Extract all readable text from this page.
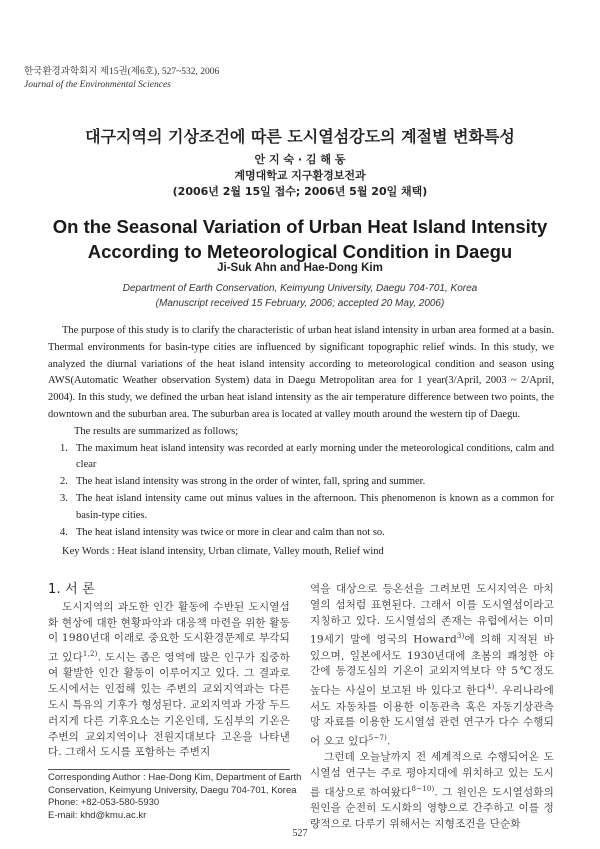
한국환경과학회지 제15권(제6호), 527~532, 2006
Journal of the Environmental Sciences
대구지역의 기상조건에 따른 도시열섬강도의 계절별 변화특성
안 지 숙 · 김 해 동
계명대학교 지구환경보전과
(2006년 2월 15일 접수; 2006년 5월 20일 채택)
On the Seasonal Variation of Urban Heat Island Intensity
According to Meteorological Condition in Daegu
Ji-Suk Ahn and Hae-Dong Kim
Department of Earth Conservation, Keimyung University, Daegu 704-701, Korea
(Manuscript received 15 February, 2006; accepted 20 May, 2006)

The purpose of this study is to clarify the characteristic of urban heat island intensity in urban area formed at a basin. Thermal environments for basin-type cities are influenced by significant topographic relief winds. In this study, we analyzed the diurnal variations of the heat island intensity according to meteorological condition and season using AWS(Automatic Weather observation System) data in Daegu Metropolitan area for 1 year(3/April, 2003 ~ 2/April, 2004). In this study, we defined the urban heat island intensity as the air temperature difference between two points, the downtown and the suburban area. The suburban area is located at valley mouth around the western tip of Daegu.

The results are summarized as follows;

1. The maximum heat island intensity was recorded at early morning under the meteorological conditions, calm and clear
2. The heat island intensity was strong in the order of winter, fall, spring and summer.
3. The heat island intensity came out minus values in the afternoon. This phenomenon is known as a common for basin-type cities.
4. The heat island intensity was twice or more in clear and calm than not so.
Key Words : Heat island intensity, Urban climate, Valley mouth, Relief wind

1. 서 론

도시지역의 과도한 인간 활동에 수반된 도시열섬화 현상에 대한 현황파악과 대응책 마련을 위한 활동이 1980년대 이래로 중요한 도시환경문제로 부각되고 있다$^{1,2)}$. 도시는 좁은 영역에 많은 인구가 집중하여 활발한 인간 활동이 이루어지고 있다. 그 결과로 도시에서는 인접해 있는 주변의 교외지역과는 다른 도시 특유의 기후가 형성된다. 교외지역과 가장 두드러지게 다른 기후요소는 기온인데, 도심부의 기온은 주변의 교외지역이나 전원지대보다 고온을 나타낸다. 그래서 도시를 포함하는 주변지

역을 대상으로 등온선을 그려보면 도시지역은 마치 열의 섬처럼 표현된다. 그래서 이를 도시열섬이라고 지칭하고 있다. 도시열섬의 존재는 유럽에서는 이미 19세기 말에 영국의 Howard$^{3)}$에 의해 지적된 바 있으며, 일본에서도 1930년대에 초봄의 쾌청한 야간에 동경도심의 기온이 교외지역보다 약 5℃정도 높다는 사실이 보고된 바 있다고 한다$^{4)}$. 우리나라에서도 자동차를 이용한 이동관측 혹은 자동기상관측망 자료를 이용한 도시열섬 관련 연구가 다수 수행되어 오고 있다$^{5\sim 7)}$.

그런데 오늘날까지 전 세계적으로 수행되어온 도시열섬 연구는 주로 평야지대에 위치하고 있는 도시를 대상으로 하여왔다$^{8\sim 10)}$. 그 원인은 도시열섬화의 원인을 순전히 도시화의 영향으로 간주하고 이를 정량적으로 다루기 위해서는 지형조건을 단순화

Corresponding Author : Hae-Dong Kim, Department of Earth
Conservation, Keimyung University, Daegu 704-701, Korea
Phone: +82-053-580-5930
E-mail: khd@kmu.ac.kr
527
